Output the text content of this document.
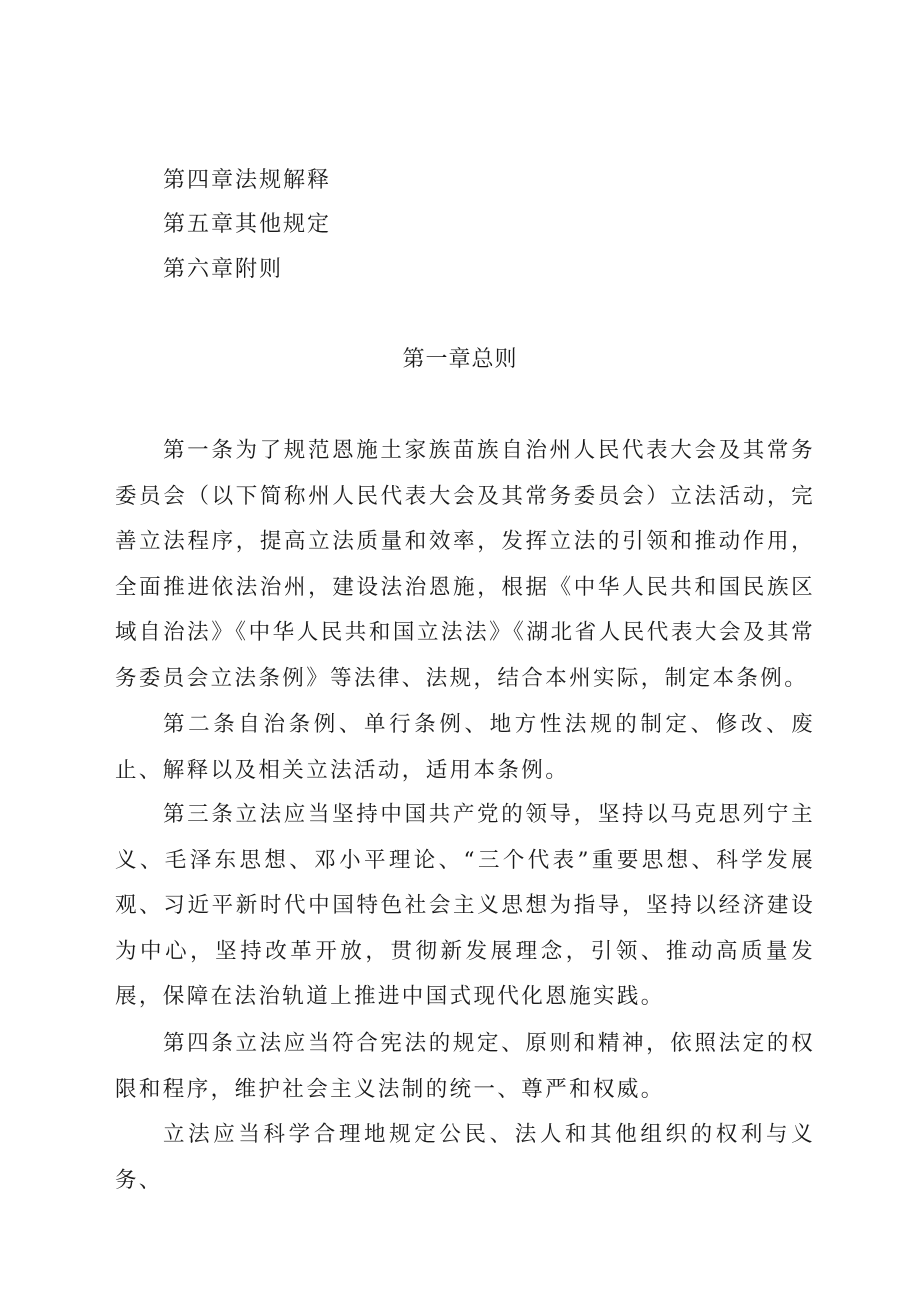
第四章法规解释
第五章其他规定
第六章附则
第一章总则
第一条为了规范恩施土家族苗族自治州人民代表大会及其常务委员会（以下简称州人民代表大会及其常务委员会）立法活动，完善立法程序，提高立法质量和效率，发挥立法的引领和推动作用，全面推进依法治州，建设法治恩施，根据《中华人民共和国民族区域自治法》《中华人民共和国立法法》《湖北省人民代表大会及其常务委员会立法条例》等法律、法规，结合本州实际，制定本条例。
第二条自治条例、单行条例、地方性法规的制定、修改、废止、解释以及相关立法活动，适用本条例。
第三条立法应当坚持中国共产党的领导，坚持以马克思列宁主义、毛泽东思想、邓小平理论、“三个代表”重要思想、科学发展观、习近平新时代中国特色社会主义思想为指导，坚持以经济建设为中心，坚持改革开放，贯彻新发展理念，引领、推动高质量发展，保障在法治轨道上推进中国式现代化恩施实践。
第四条立法应当符合宪法的规定、原则和精神，依照法定的权限和程序，维护社会主义法制的统一、尊严和权威。
立法应当科学合理地规定公民、法人和其他组织的权利与义务、
